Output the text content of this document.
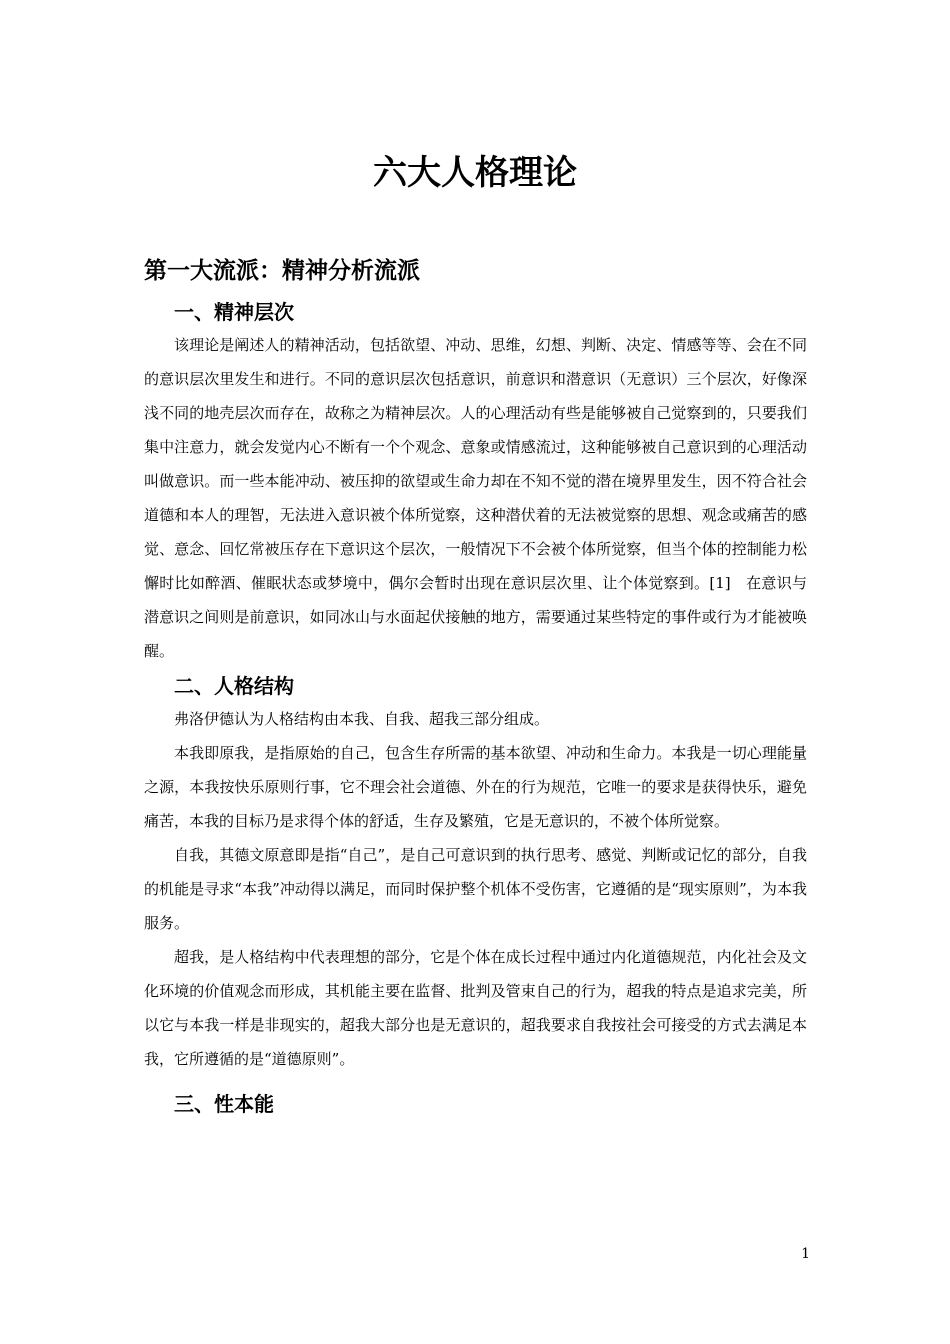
六大人格理论
第一大流派：精神分析流派
一、精神层次

该理论是阐述人的精神活动，包括欲望、冲动、思维，幻想、判断、决定、情感等等、会在不同的意识层次里发生和进行。不同的意识层次包括意识，前意识和潜意识（无意识）三个层次，好像深浅不同的地壳层次而存在，故称之为精神层次。人的心理活动有些是能够被自己觉察到的，只要我们集中注意力，就会发觉内心不断有一个个观念、意象或情感流过，这种能够被自己意识到的心理活动叫做意识。而一些本能冲动、被压抑的欲望或生命力却在不知不觉的潜在境界里发生，因不符合社会道德和本人的理智，无法进入意识被个体所觉察，这种潜伏着的无法被觉察的思想、观念或痛苦的感觉、意念、回忆常被压存在下意识这个层次，一般情况下不会被个体所觉察，但当个体的控制能力松懈时比如醉酒、催眠状态或梦境中，偶尔会暂时出现在意识层次里、让个体觉察到。[1]　在意识与潜意识之间则是前意识，如同冰山与水面起伏接触的地方，需要通过某些特定的事件或行为才能被唤醒。

二、人格结构

弗洛伊德认为人格结构由本我、自我、超我三部分组成。

本我即原我，是指原始的自己，包含生存所需的基本欲望、冲动和生命力。本我是一切心理能量之源，本我按快乐原则行事，它不理会社会道德、外在的行为规范，它唯一的要求是获得快乐，避免痛苦，本我的目标乃是求得个体的舒适，生存及繁殖，它是无意识的，不被个体所觉察。

自我，其德文原意即是指“自己”，是自己可意识到的执行思考、感觉、判断或记忆的部分，自我的机能是寻求“本我”冲动得以满足，而同时保护整个机体不受伤害，它遵循的是“现实原则”，为本我服务。

超我，是人格结构中代表理想的部分，它是个体在成长过程中通过内化道德规范，内化社会及文化环境的价值观念而形成，其机能主要在监督、批判及管束自己的行为，超我的特点是追求完美，所以它与本我一样是非现实的，超我大部分也是无意识的，超我要求自我按社会可接受的方式去满足本我，它所遵循的是“道德原则”。

三、性本能
1
